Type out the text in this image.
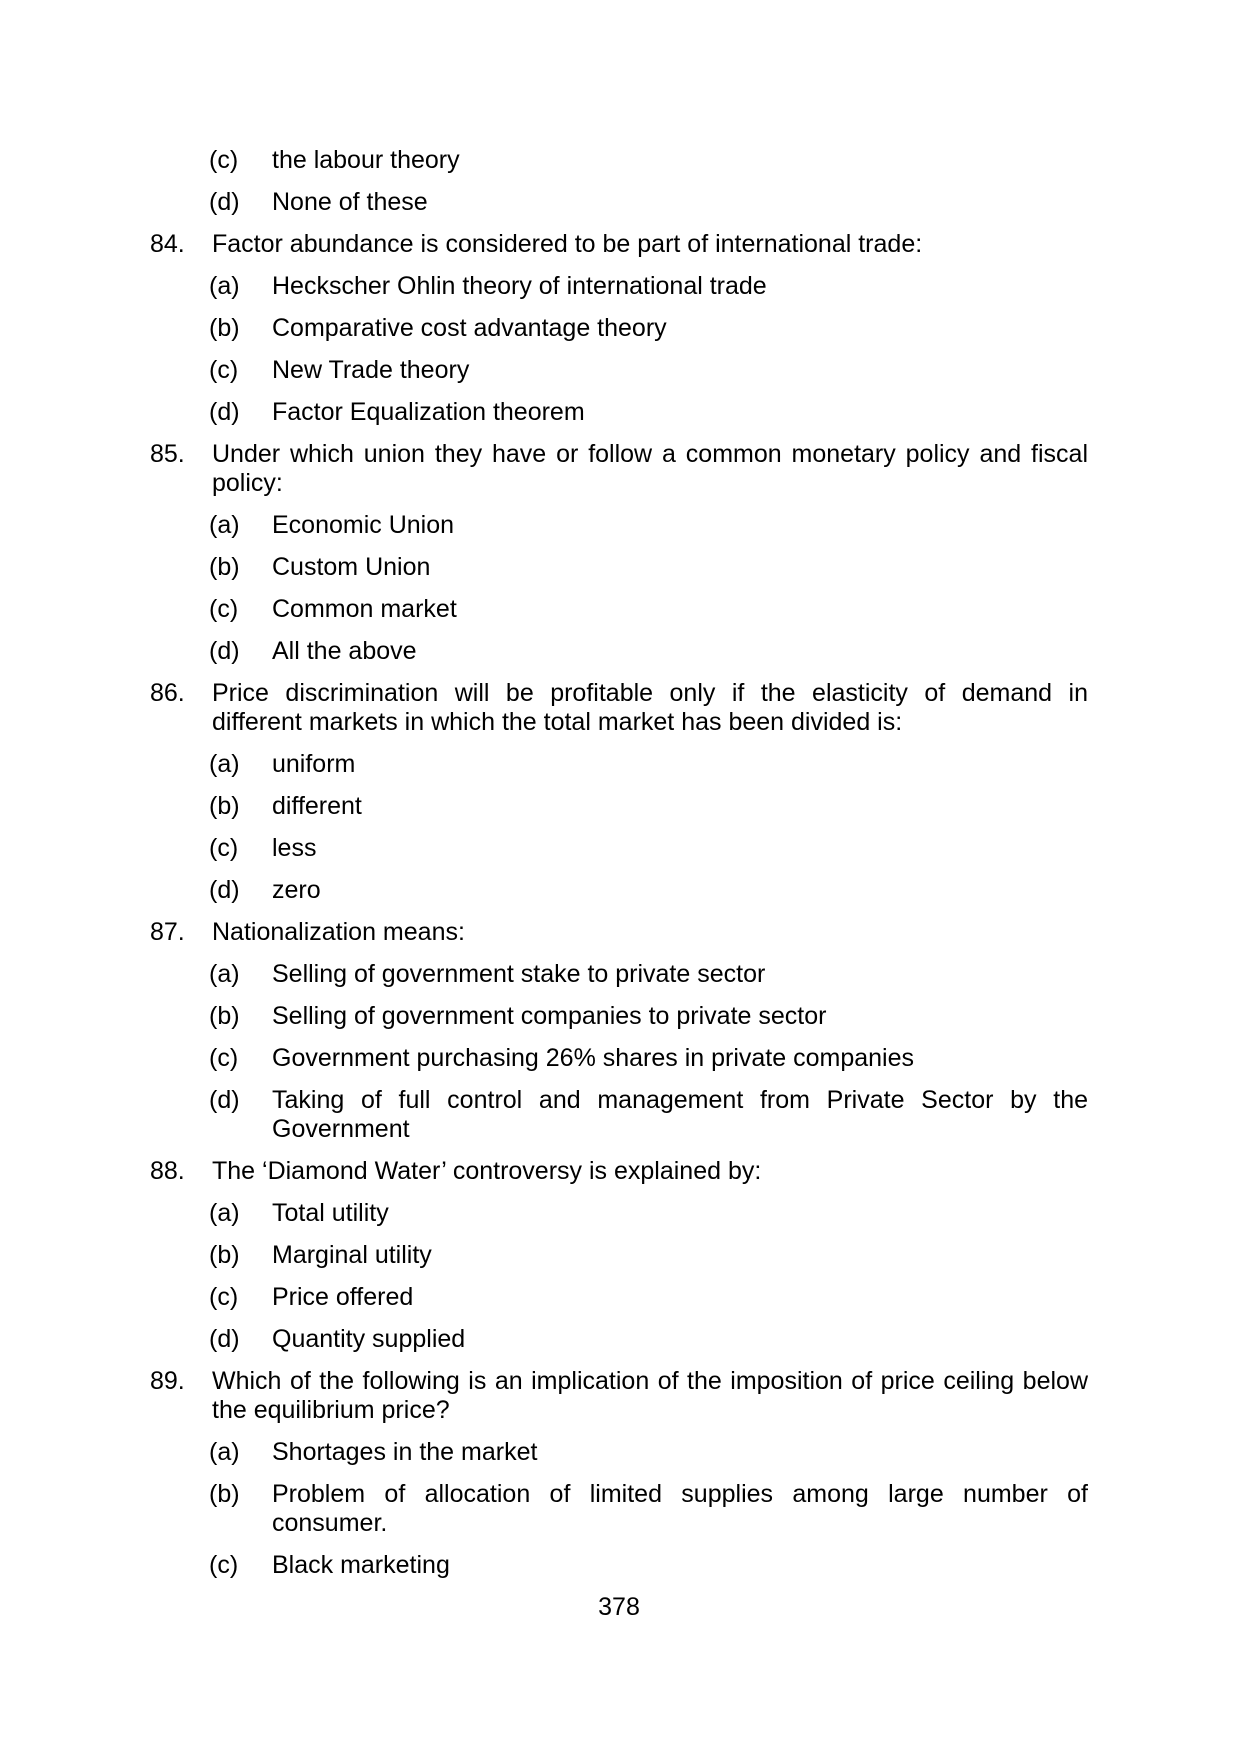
(c)	the labour theory
(d)	None of these
84.	Factor abundance is considered to be part of international trade:
(a)	Heckscher Ohlin theory of international trade
(b)	Comparative cost advantage theory
(c)	New Trade theory
(d)	Factor Equalization theorem
85.	Under which union they have or follow a common monetary policy and fiscal
policy:
(a)	Economic Union
(b)	Custom Union
(c)	Common market
(d)	All the above
86.	Price discrimination will be profitable only if the elasticity of demand in
different markets in which the total market has been divided is:
(a)	uniform
(b)	different
(c)	less
(d)	zero
87.	Nationalization means:
(a)	Selling of government stake to private sector
(b)	Selling of government companies to private sector
(c)	Government purchasing 26% shares in private companies
(d)	Taking of full control and management from Private Sector by the
Government
88.	The ‘Diamond Water’ controversy is explained by:
(a)	Total utility
(b)	Marginal utility
(c)	Price offered
(d)	Quantity supplied
89.	Which of the following is an implication of the imposition of price ceiling below
the equilibrium price?
(a)	Shortages in the market
(b)	Problem of allocation of limited supplies among large number of
consumer.
(c)	Black marketing
378
